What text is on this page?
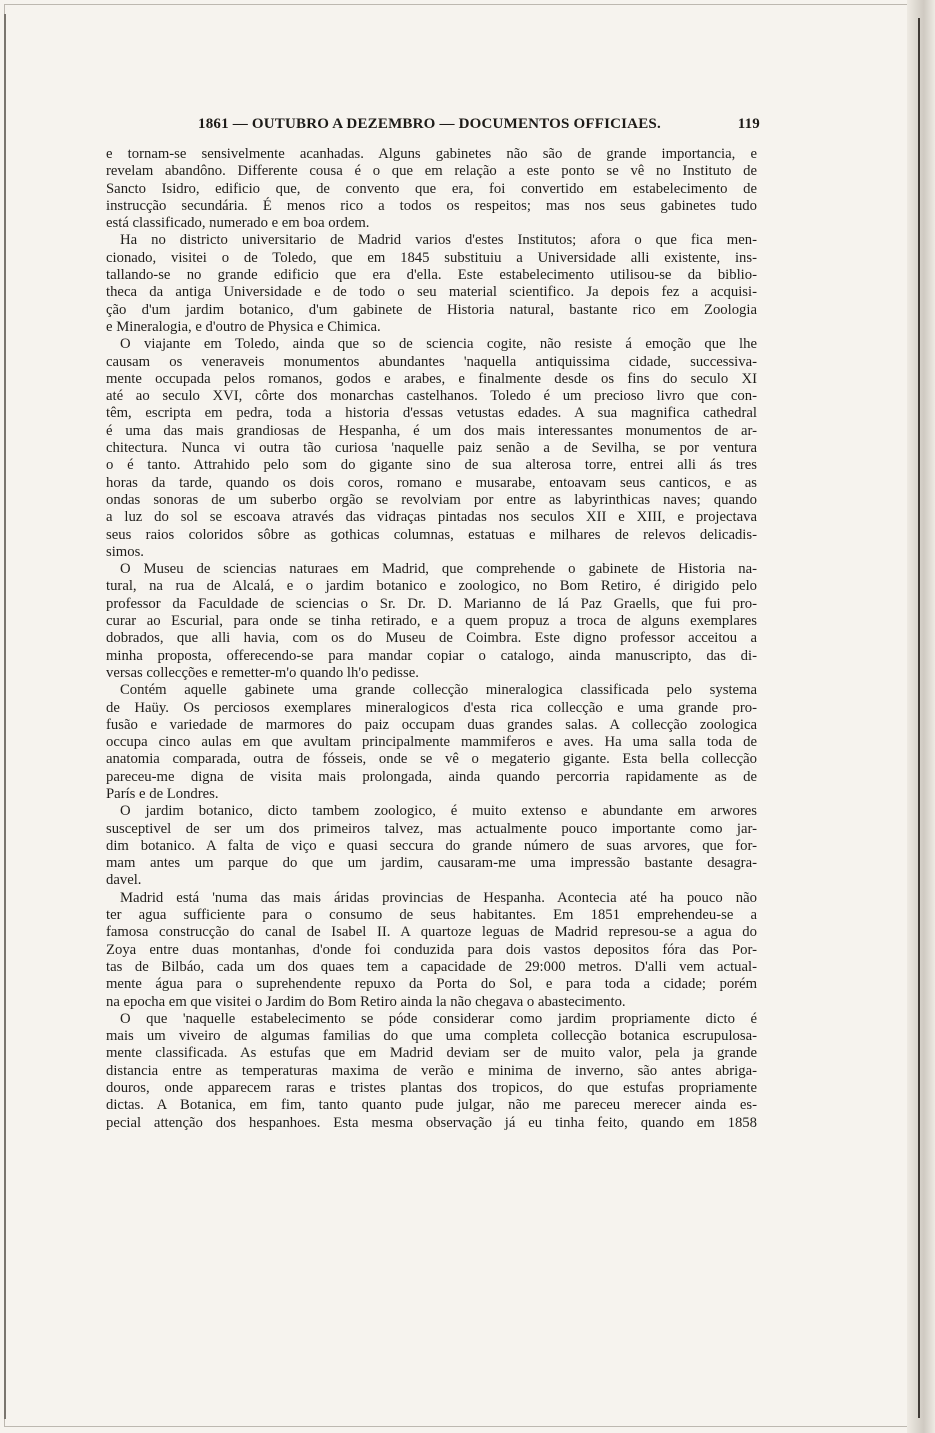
1861 — OUTUBRO A DEZEMBRO — DOCUMENTOS OFFICIAES.	119
e tornam-se sensivelmente acanhadas. Alguns gabinetes não são de grande importancia, e
revelam abandôno. Differente cousa é o que em relação a este ponto se vê no Instituto de
Sancto Isidro, edificio que, de convento que era, foi convertido em estabelecimento de
instrucção secundária. É menos rico a todos os respeitos; mas nos seus gabinetes tudo
está classificado, numerado e em boa ordem.
Ha no districto universitario de Madrid varios d'estes Institutos; afora o que fica men-
cionado, visitei o de Toledo, que em 1845 substituiu a Universidade alli existente, ins-
tallando-se no grande edificio que era d'ella. Este estabelecimento utilisou-se da biblio-
theca da antiga Universidade e de todo o seu material scientifico. Ja depois fez a acquisi-
ção d'um jardim botanico, d'um gabinete de Historia natural, bastante rico em Zoologia
e Mineralogia, e d'outro de Physica e Chimica.
O viajante em Toledo, ainda que so de sciencia cogite, não resiste á emoção que lhe
causam os veneraveis monumentos abundantes 'naquella antiquissima cidade, successiva-
mente occupada pelos romanos, godos e arabes, e finalmente desde os fins do seculo XI
até ao seculo XVI, côrte dos monarchas castelhanos. Toledo é um precioso livro que con-
têm, escripta em pedra, toda a historia d'essas vetustas edades. A sua magnifica cathedral
é uma das mais grandiosas de Hespanha, é um dos mais interessantes monumentos de ar-
chitectura. Nunca vi outra tão curiosa 'naquelle paiz senão a de Sevilha, se por ventura
o é tanto. Attrahido pelo som do gigante sino de sua alterosa torre, entrei alli ás tres
horas da tarde, quando os dois coros, romano e musarabe, entoavam seus canticos, e as
ondas sonoras de um suberbo orgão se revolviam por entre as labyrinthicas naves; quando
a luz do sol se escoava através das vidraças pintadas nos seculos XII e XIII, e projectava
seus raios coloridos sôbre as gothicas columnas, estatuas e milhares de relevos delicadis-
simos.
O Museu de sciencias naturaes em Madrid, que comprehende o gabinete de Historia na-
tural, na rua de Alcalá, e o jardim botanico e zoologico, no Bom Retiro, é dirigido pelo
professor da Faculdade de sciencias o Sr. Dr. D. Marianno de lá Paz Graells, que fui pro-
curar ao Escurial, para onde se tinha retirado, e a quem propuz a troca de alguns exemplares
dobrados, que alli havia, com os do Museu de Coimbra. Este digno professor acceitou a
minha proposta, offerecendo-se para mandar copiar o catalogo, ainda manuscripto, das di-
versas collecções e remetter-m'o quando lh'o pedisse.
Contém aquelle gabinete uma grande collecção mineralogica classificada pelo systema
de Haüy. Os perciosos exemplares mineralogicos d'esta rica collecção e uma grande pro-
fusão e variedade de marmores do paiz occupam duas grandes salas. A collecção zoologica
occupa cinco aulas em que avultam principalmente mammiferos e aves. Ha uma salla toda de
anatomia comparada, outra de fósseis, onde se vê o megaterio gigante. Esta bella collecção
pareceu-me digna de visita mais prolongada, ainda quando percorria rapidamente as de
París e de Londres.
O jardim botanico, dicto tambem zoologico, é muito extenso e abundante em arwores
susceptivel de ser um dos primeiros talvez, mas actualmente pouco importante como jar-
dim botanico. A falta de viço e quasi seccura do grande número de suas arvores, que for-
mam antes um parque do que um jardim, causaram-me uma impressão bastante desagra-
davel.
Madrid está 'numa das mais áridas provincias de Hespanha. Acontecia até ha pouco não
ter agua sufficiente para o consumo de seus habitantes. Em 1851 emprehendeu-se a
famosa construcção do canal de Isabel II. A quartoze leguas de Madrid represou-se a agua do
Zoya entre duas montanhas, d'onde foi conduzida para dois vastos depositos fóra das Por-
tas de Bilbáo, cada um dos quaes tem a capacidade de 29:000 metros. D'alli vem actual-
mente água para o suprehendente repuxo da Porta do Sol, e para toda a cidade; porém
na epocha em que visitei o Jardim do Bom Retiro ainda la não chegava o abastecimento.
O que 'naquelle estabelecimento se póde considerar como jardim propriamente dicto é
mais um viveiro de algumas familias do que uma completa collecção botanica escrupulosa-
mente classificada. As estufas que em Madrid deviam ser de muito valor, pela ja grande
distancia entre as temperaturas maxima de verão e minima de inverno, são antes abriga-
douros, onde apparecem raras e tristes plantas dos tropicos, do que estufas propriamente
dictas. A Botanica, em fim, tanto quanto pude julgar, não me pareceu merecer ainda es-
pecial attenção dos hespanhoes. Esta mesma observação já eu tinha feito, quando em 1858
